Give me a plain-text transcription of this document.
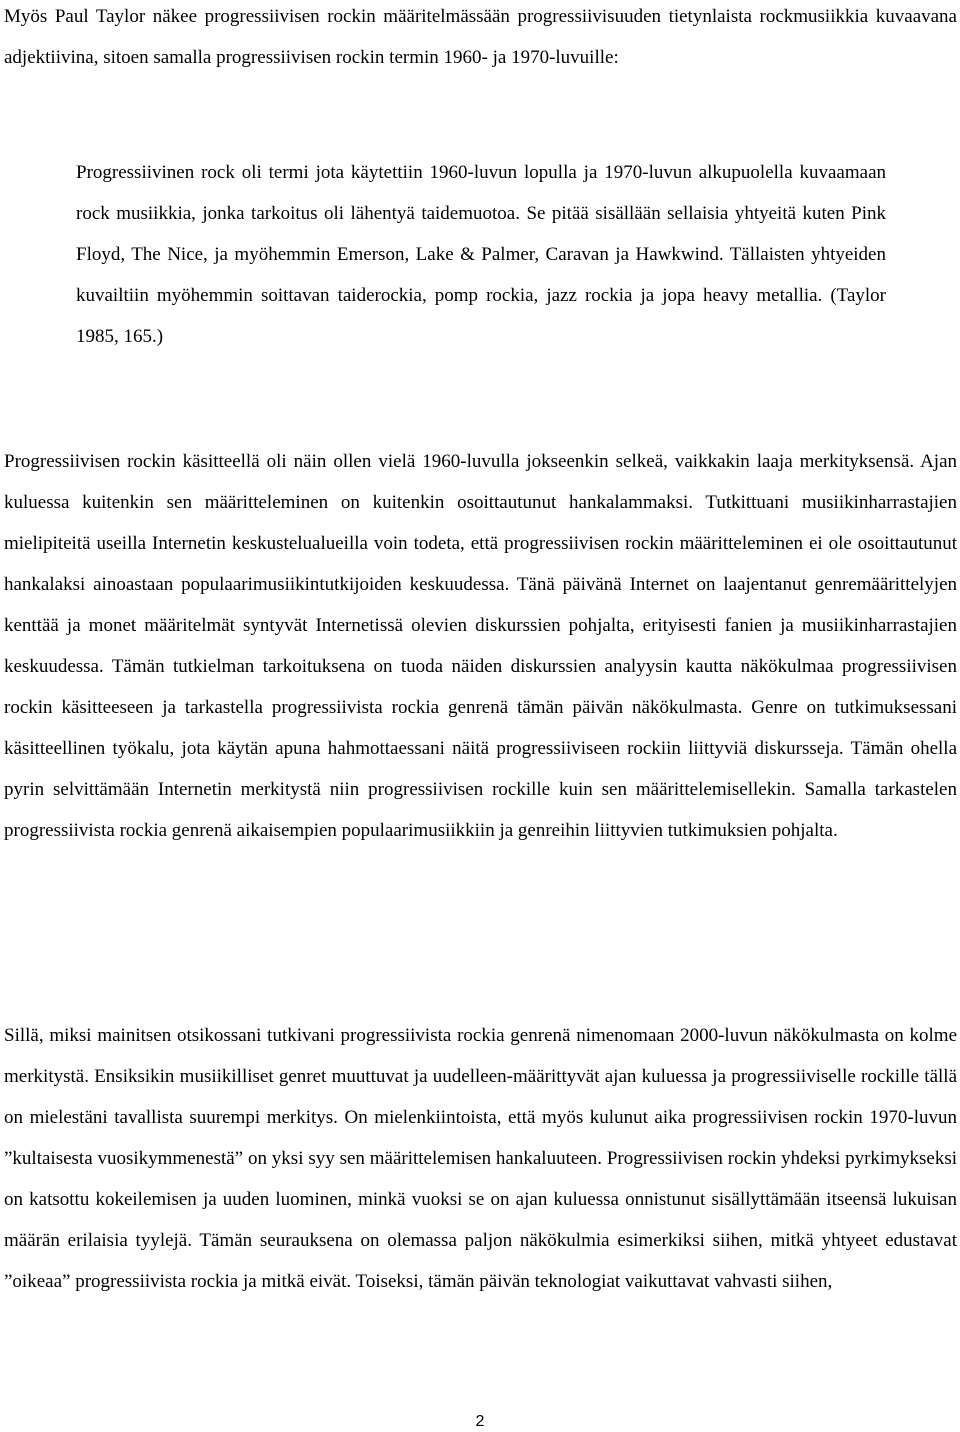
Myös Paul Taylor näkee progressiivisen rockin määritelmässään progressiivisuuden tietynlaista rockmusiikkia kuvaavana adjektiivina, sitoen samalla progressiivisen rockin termin 1960- ja 1970-luvuille:

Progressiivinen rock oli termi jota käytettiin 1960-luvun lopulla ja 1970-luvun alkupuolella kuvaamaan rock musiikkia, jonka tarkoitus oli lähentyä taidemuotoa. Se pitää sisällään sellaisia yhtyeitä kuten Pink Floyd, The Nice, ja myöhemmin Emerson, Lake & Palmer, Caravan ja Hawkwind. Tällaisten yhtyeiden kuvailtiin myöhemmin soittavan taiderockia, pomp rockia, jazz rockia ja jopa heavy metallia. (Taylor 1985, 165.)

Progressiivisen rockin käsitteellä oli näin ollen vielä 1960-luvulla jokseenkin selkeä, vaikkakin laaja merkityksensä. Ajan kuluessa kuitenkin sen määritteleminen on kuitenkin osoittautunut hankalammaksi. Tutkittuani musiikinharrastajien mielipiteitä useilla Internetin keskustelualueilla voin todeta, että progressiivisen rockin määritteleminen ei ole osoittautunut hankalaksi ainoastaan populaarimusiikintutkijoiden keskuudessa. Tänä päivänä Internet on laajentanut genremäärittelyjen kenttää ja monet määritelmät syntyvät Internetissä olevien diskurssien pohjalta, erityisesti fanien ja musiikinharrastajien keskuudessa. Tämän tutkielman tarkoituksena on tuoda näiden diskurssien analyysin kautta näkökulmaa progressiivisen rockin käsitteeseen ja tarkastella progressiivista rockia genrenä tämän päivän näkökulmasta. Genre on tutkimuksessani käsitteellinen työkalu, jota käytän apuna hahmottaessani näitä progressiiviseen rockiin liittyviä diskursseja. Tämän ohella pyrin selvittämään Internetin merkitystä niin progressiivisen rockille kuin sen määrittelemisellekin. Samalla tarkastelen progressiivista rockia genrenä aikaisempien populaarimusiikkiin ja genreihin liittyvien tutkimuksien pohjalta.

Sillä, miksi mainitsen otsikossani tutkivani progressiivista rockia genrenä nimenomaan 2000-luvun näkökulmasta on kolme merkitystä. Ensiksikin musiikilliset genret muuttuvat ja uudelleen-määrittyvät ajan kuluessa ja progressiiviselle rockille tällä on mielestäni tavallista suurempi merkitys. On mielenkiintoista, että myös kulunut aika progressiivisen rockin 1970-luvun ”kultaisesta vuosikymmenestä” on yksi syy sen määrittelemisen hankaluuteen. Progressiivisen rockin yhdeksi pyrkimykseksi on katsottu kokeilemisen ja uuden luominen, minkä vuoksi se on ajan kuluessa onnistunut sisällyttämään itseensä lukuisan määrän erilaisia tyylejä. Tämän seurauksena on olemassa paljon näkökulmia esimerkiksi siihen, mitkä yhtyeet edustavat ”oikeaa” progressiivista rockia ja mitkä eivät. Toiseksi, tämän päivän teknologiat vaikuttavat vahvasti siihen,

2
